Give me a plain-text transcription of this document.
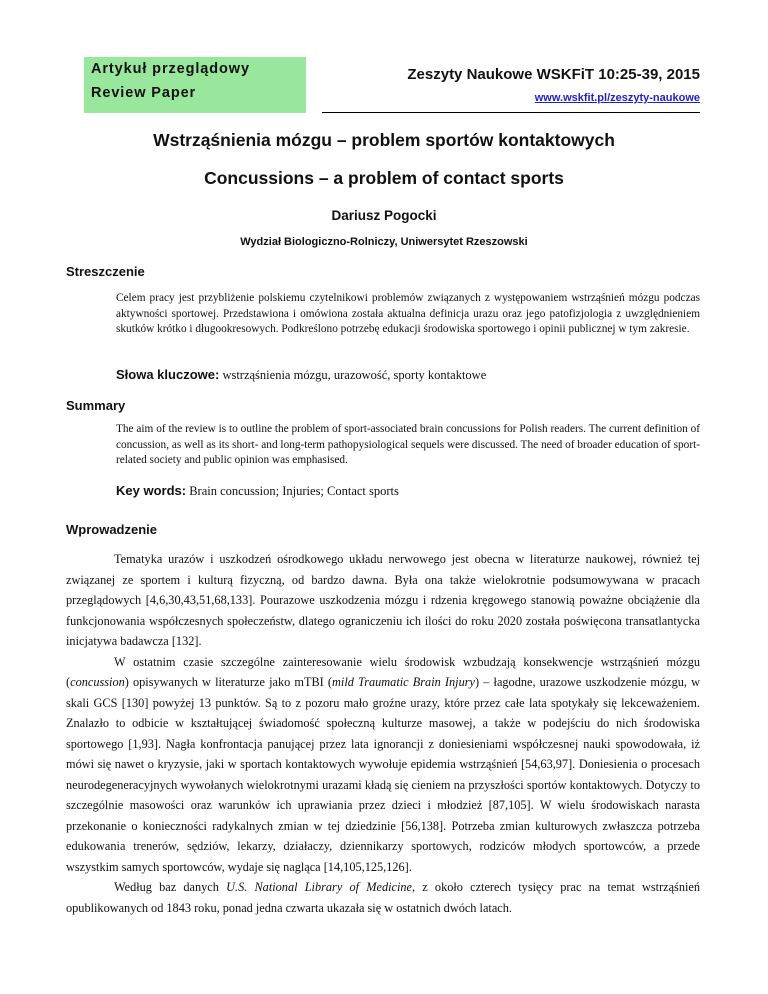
Artykuł przeglądowy
Review Paper
Zeszyty Naukowe WSKFiT 10:25-39, 2015
www.wskfit.pl/zeszyty-naukowe
Wstrząśnienia mózgu – problem sportów kontaktowych
Concussions – a problem of contact sports
Dariusz Pogocki
Wydział Biologiczno-Rolniczy, Uniwersytet Rzeszowski
Streszczenie

Celem pracy jest przybliżenie polskiemu czytelnikowi problemów związanych z występowaniem wstrząśnień mózgu podczas aktywności sportowej. Przedstawiona i omówiona została aktualna definicja urazu oraz jego patofizjologia z uwzględnieniem skutków krótko i długookresowych. Podkreślono potrzebę edukacji środowiska sportowego i opinii publicznej w tym zakresie.

Słowa kluczowe: wstrząśnienia mózgu, urazowość, sporty kontaktowe
Summary

The aim of the review is to outline the problem of sport-associated brain concussions for Polish readers. The current definition of concussion, as well as its short- and long-term pathopysiological sequels were discussed. The need of broader education of sport-related society and public opinion was emphasised.

Key words: Brain concussion; Injuries; Contact sports
Wprowadzenie

Tematyka urazów i uszkodzeń ośrodkowego układu nerwowego jest obecna w literaturze naukowej, również tej związanej ze sportem i kulturą fizyczną, od bardzo dawna. Była ona także wielokrotnie podsumowywana w pracach przeglądowych [4,6,30,43,51,68,133]. Pourazowe uszkodzenia mózgu i rdzenia kręgowego stanowią poważne obciążenie dla funkcjonowania współczesnych społeczeństw, dlatego ograniczeniu ich ilości do roku 2020 została poświęcona transatlantycka inicjatywa badawcza [132].

W ostatnim czasie szczególne zainteresowanie wielu środowisk wzbudzają konsekwencje wstrząśnień mózgu (concussion) opisywanych w literaturze jako mTBI (mild Traumatic Brain Injury) – łagodne, urazowe uszkodzenie mózgu, w skali GCS [130] powyżej 13 punktów. Są to z pozoru mało groźne urazy, które przez całe lata spotykały się lekceważeniem. Znalazło to odbicie w kształtującej świadomość społeczną kulturze masowej, a także w podejściu do nich środowiska sportowego [1,93]. Nagła konfrontacja panującej przez lata ignorancji z doniesieniami współczesnej nauki spowodowała, iż mówi się nawet o kryzysie, jaki w sportach kontaktowych wywołuje epidemia wstrząśnień [54,63,97]. Doniesienia o procesach neurodegeneracyjnych wywołanych wielokrotnymi urazami kładą się cieniem na przyszłości sportów kontaktowych. Dotyczy to szczególnie masowości oraz warunków ich uprawiania przez dzieci i młodzież [87,105]. W wielu środowiskach narasta przekonanie o konieczności radykalnych zmian w tej dziedzinie [56,138]. Potrzeba zmian kulturowych zwłaszcza potrzeba edukowania trenerów, sędziów, lekarzy, działaczy, dziennikarzy sportowych, rodziców młodych sportowców, a przede wszystkim samych sportowców, wydaje się nagląca [14,105,125,126].

Według baz danych U.S. National Library of Medicine, z około czterech tysięcy prac na temat wstrząśnień opublikowanych od 1843 roku, ponad jedna czwarta ukazała się w ostatnich dwóch latach.
